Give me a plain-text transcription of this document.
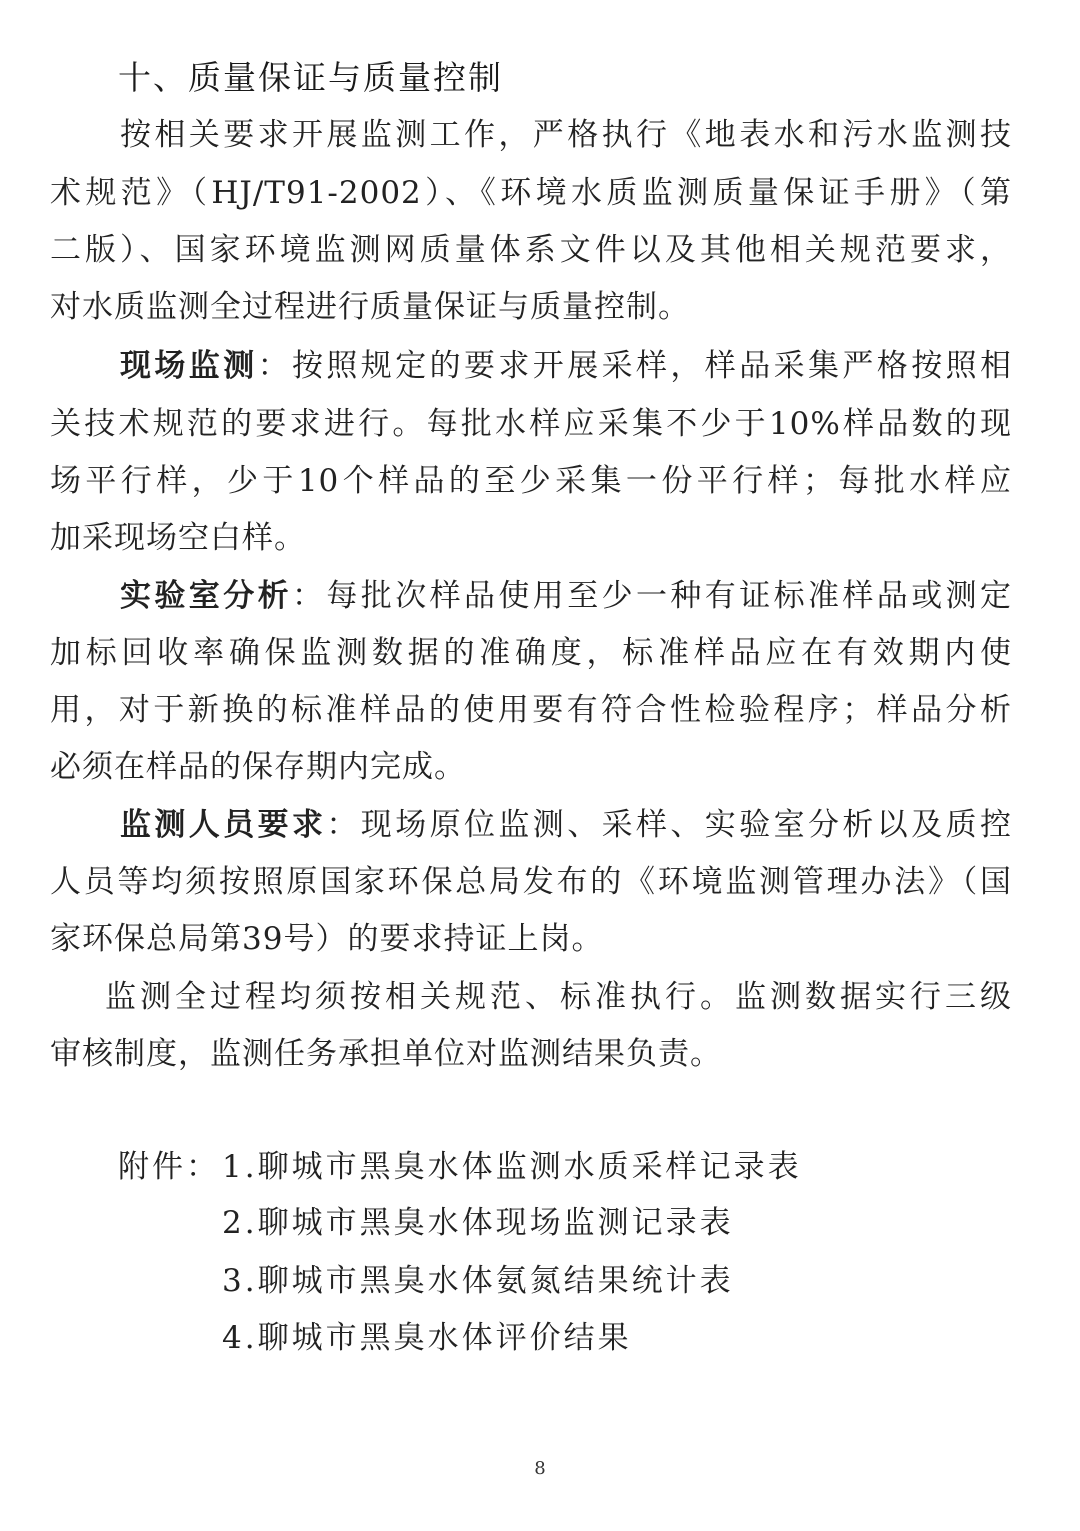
十、质量保证与质量控制
按相关要求开展监测工作，严格执行《地表水和污水监测技
术规范》（HJ/T91-2002）、《环境水质监测质量保证手册》（第
二版）、国家环境监测网质量体系文件以及其他相关规范要求，
对水质监测全过程进行质量保证与质量控制。
现场监测：按照规定的要求开展采样，样品采集严格按照相
关技术规范的要求进行。每批水样应采集不少于10%样品数的现
场平行样，少于10个样品的至少采集一份平行样；每批水样应
加采现场空白样。
实验室分析：每批次样品使用至少一种有证标准样品或测定
加标回收率确保监测数据的准确度，标准样品应在有效期内使
用，对于新换的标准样品的使用要有符合性检验程序；样品分析
必须在样品的保存期内完成。
监测人员要求：现场原位监测、采样、实验室分析以及质控
人员等均须按照原国家环保总局发布的《环境监测管理办法》（国
家环保总局第39号）的要求持证上岗。
监测全过程均须按相关规范、标准执行。监测数据实行三级
审核制度，监测任务承担单位对监测结果负责。
附件： 1.聊城市黑臭水体监测水质采样记录表
2.聊城市黑臭水体现场监测记录表
3.聊城市黑臭水体氨氮结果统计表
4.聊城市黑臭水体评价结果
8
